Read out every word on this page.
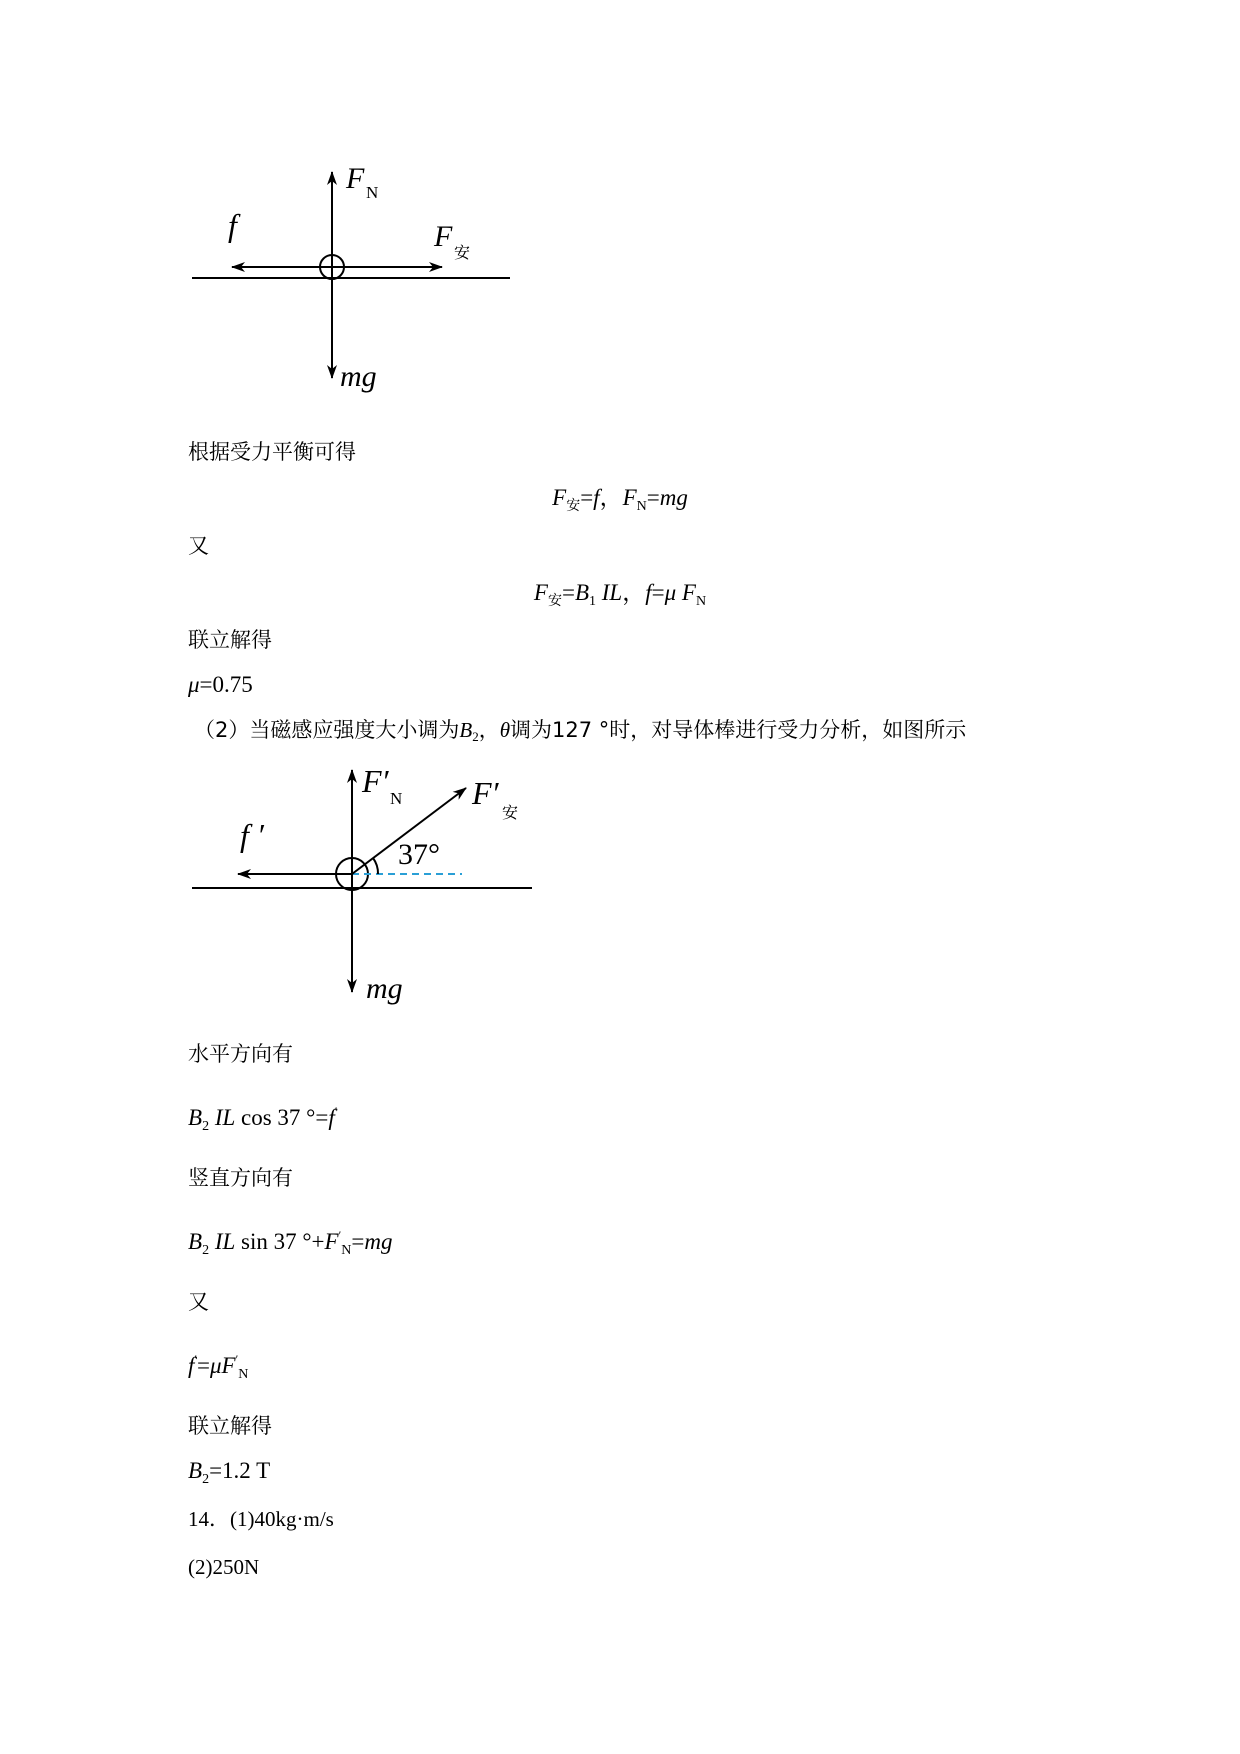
F N
f	F
安
mg
根据受力平衡可得
$F_安=f$，$F_N=mg$
又
$F_安=B_1$ IL，f=μ $F_N$
联立解得
μ=0.75
（2）当磁感应强度大小调为$B_2$，θ调为127 °时，对导体棒进行受力分析，如图所示
F′ N F′
安
f ′
37°
mg
水平方向有
$B_2$ IL cos 37 °=f′
竖直方向有
$B_2$ IL sin 37 $^\circ+F'_N=mg$
又
$f'=\mu F'_N$
联立解得
$B_2=1.2$ T
14．(1)40kg·m/s
(2)250N
